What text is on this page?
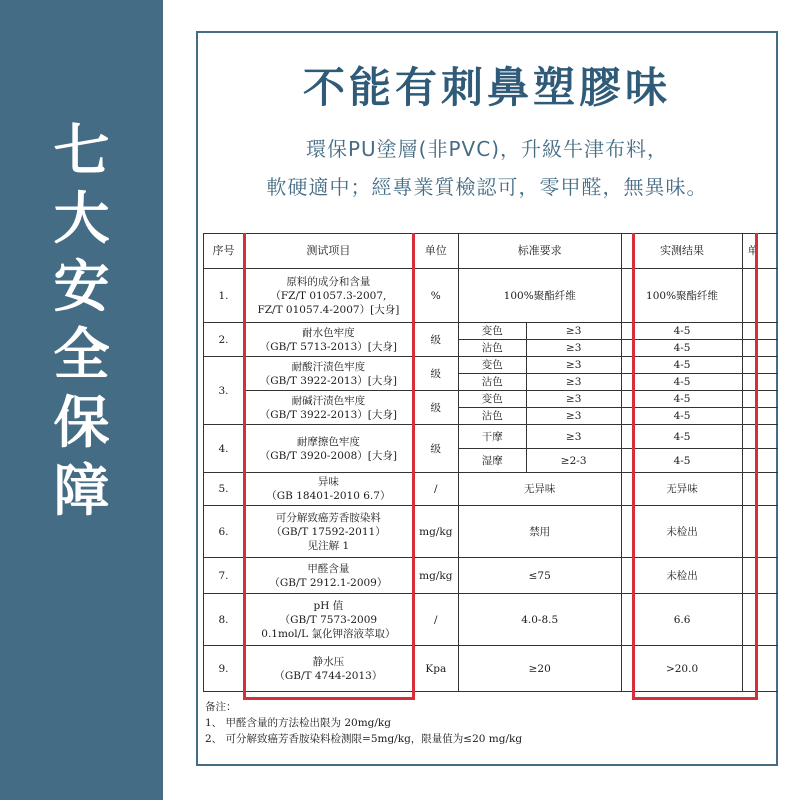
七
大
安
全
保
障
不能有刺鼻塑膠味
環保PU塗層(非PVC)，升級牛津布料，
軟硬適中；經專業質檢認可，零甲醛，無異味。
序号	测试项目	单位	标准要求		实测结果	单
1.	原料的成分和含量
（FZ/T 01057.3-2007,
FZ/T 01057.4-2007）[大身]	%	100%聚酯纤维		100%聚酯纤维	
2.	耐水色牢度
（GB/T 5713-2013）[大身]	级	变色	≥3	4-5	
			沾色	≥3	4-5	
3.	耐酸汗渍色牢度
（GB/T 3922-2013）[大身]	级	变色	≥3	4-5	
			沾色	≥3	4-5	

	耐碱汗渍色牢度
（GB/T 3922-2013）[大身]	级	变色	≥3	4-5	
			沾色	≥3	4-5	
4.	耐摩擦色牢度
（GB/T 3920-2008）[大身]	级	干摩	≥3	4-5	
			湿摩	≥2-3	4-5	
5.	异味
（GB 18401-2010 6.7）	/	无异味		无异味	
6.	可分解致癌芳香胺染料
（GB/T 17592-2011）
见注解 1	mg/kg	禁用		未检出	
7.	甲醛含量
（GB/T 2912.1-2009）	mg/kg	≤75		未检出	
8.	pH 值
（GB/T 7573-2009
0.1mol/L 氯化钾溶液萃取）	/	4.0-8.5		6.6	
9.	静水压
（GB/T 4744-2013）	Kpa	≥20		>20.0	
备注：
1、 甲醛含量的方法检出限为 20mg/kg
2、 可分解致癌芳香胺染料检测限=5mg/kg，限量值为≤20 mg/kg
